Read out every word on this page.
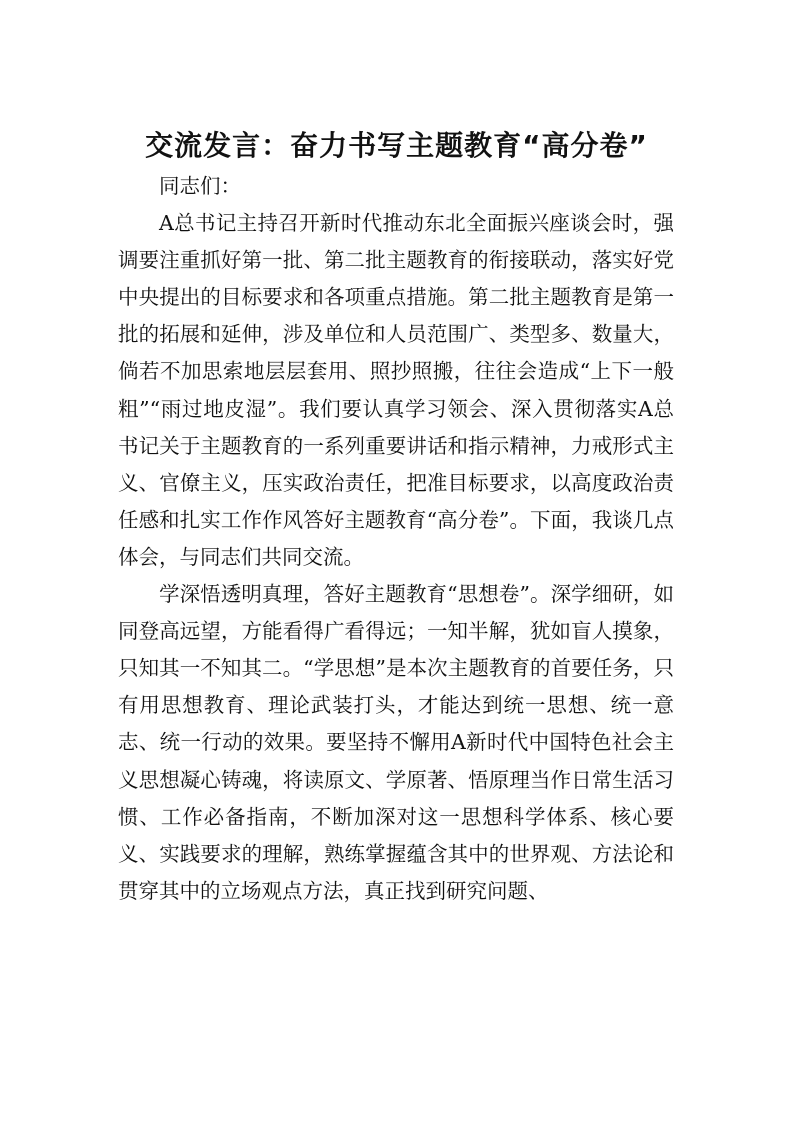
交流发言：奋力书写主题教育“高分卷”

同志们：

A总书记主持召开新时代推动东北全面振兴座谈会时，强调要注重抓好第一批、第二批主题教育的衔接联动，落实好党中央提出的目标要求和各项重点措施。第二批主题教育是第一批的拓展和延伸，涉及单位和人员范围广、类型多、数量大，倘若不加思索地层层套用、照抄照搬，往往会造成“上下一般粗”“雨过地皮湿”。我们要认真学习领会、深入贯彻落实A总书记关于主题教育的一系列重要讲话和指示精神，力戒形式主义、官僚主义，压实政治责任，把准目标要求，以高度政治责任感和扎实工作作风答好主题教育“高分卷”。下面，我谈几点体会，与同志们共同交流。

学深悟透明真理，答好主题教育“思想卷”。深学细研，如同登高远望，方能看得广看得远；一知半解，犹如盲人摸象，只知其一不知其二。“学思想”是本次主题教育的首要任务，只有用思想教育、理论武装打头，才能达到统一思想、统一意志、统一行动的效果。要坚持不懈用A新时代中国特色社会主义思想凝心铸魂，将读原文、学原著、悟原理当作日常生活习惯、工作必备指南，不断加深对这一思想科学体系、核心要义、实践要求的理解，熟练掌握蕴含其中的世界观、方法论和贯穿其中的立场观点方法，真正找到研究问题、
